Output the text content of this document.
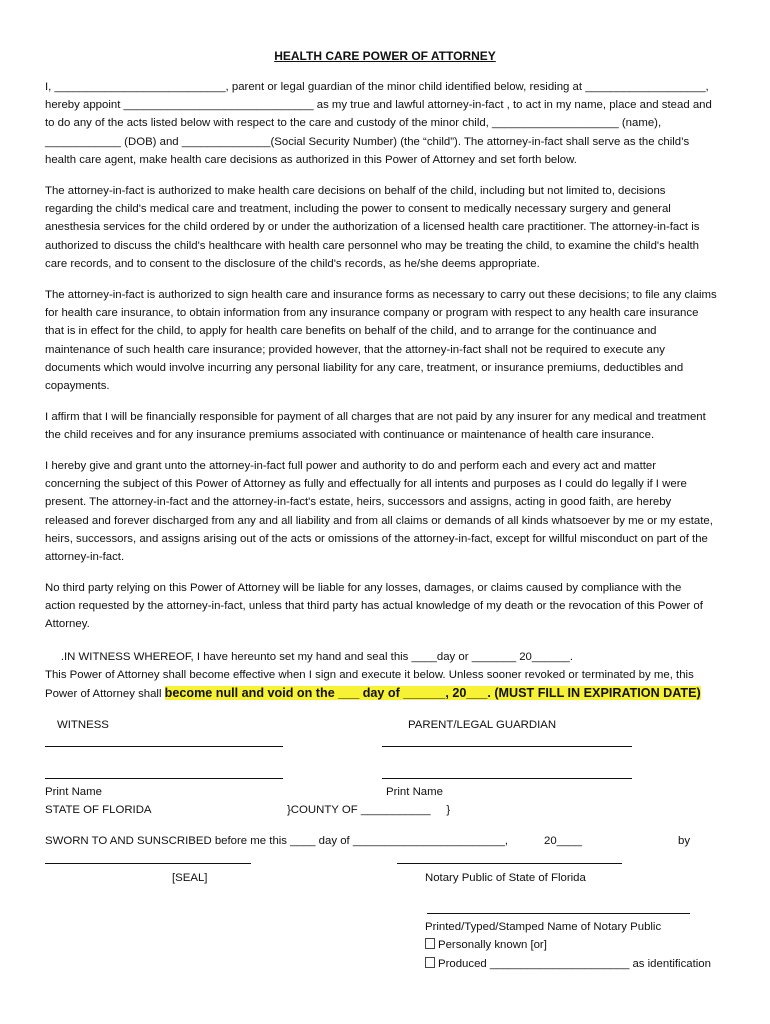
HEALTH CARE POWER OF ATTORNEY
I, ___________________________, parent or legal guardian of the minor child identified below, residing at ___________________,
hereby appoint ______________________________ as my true and lawful attorney-in-fact , to act in my name, place and stead and
to do any of the acts listed below with respect to the care and custody of the minor child, ____________________ (name),
____________ (DOB) and ______________(Social Security Number) (the “child”). The attorney-in-fact shall serve as the child’s
health care agent, make health care decisions as authorized in this Power of Attorney and set forth below.
The attorney-in-fact is authorized to make health care decisions on behalf of the child, including but not limited to, decisions
regarding the child's medical care and treatment, including the power to consent to medically necessary surgery and general
anesthesia services for the child ordered by or under the authorization of a licensed health care practitioner. The attorney-in-fact is
authorized to discuss the child's healthcare with health care personnel who may be treating the child, to examine the child's health
care records, and to consent to the disclosure of the child's records, as he/she deems appropriate.
The attorney-in-fact is authorized to sign health care and insurance forms as necessary to carry out these decisions; to file any claims
for health care insurance, to obtain information from any insurance company or program with respect to any health care insurance
that is in effect for the child, to apply for health care benefits on behalf of the child, and to arrange for the continuance and
maintenance of such health care insurance; provided however, that the attorney-in-fact shall not be required to execute any
documents which would involve incurring any personal liability for any care, treatment, or insurance premiums, deductibles and
copayments.
I affirm that I will be financially responsible for payment of all charges that are not paid by any insurer for any medical and treatment
the child receives and for any insurance premiums associated with continuance or maintenance of health care insurance.
I hereby give and grant unto the attorney-in-fact full power and authority to do and perform each and every act and matter
concerning the subject of this Power of Attorney as fully and effectually for all intents and purposes as I could do legally if I were
present. The attorney-in-fact and the attorney-in-fact's estate, heirs, successors and assigns, acting in good faith, are hereby
released and forever discharged from any and all liability and from all claims or demands of all kinds whatsoever by me or my estate,
heirs, successors, and assigns arising out of the acts or omissions of the attorney-in-fact, except for willful misconduct on part of the
attorney-in-fact.
No third party relying on this Power of Attorney will be liable for any losses, damages, or claims caused by compliance with the
action requested by the attorney-in-fact, unless that third party has actual knowledge of my death or the revocation of this Power of
Attorney.
.IN WITNESS WHEREOF, I have hereunto set my hand and seal this ____day or _______ 20______.
This Power of Attorney shall become effective when I sign and execute it below. Unless sooner revoked or terminated by me, this
Power of Attorney shall become null and void on the ___ day of ______, 20___. (MUST FILL IN EXPIRATION DATE)
WITNESS	PARENT/LEGAL GUARDIAN
Print Name	Print Name
STATE OF FLORIDA	}COUNTY OF ___________     }
SWORN TO AND SUNSCRIBED before me this ____ day of ________________________,	20____	by
[SEAL]	Notary Public of State of Florida
Printed/Typed/Stamped Name of Notary Public
Personally known [or]
Produced ______________________ as identification
